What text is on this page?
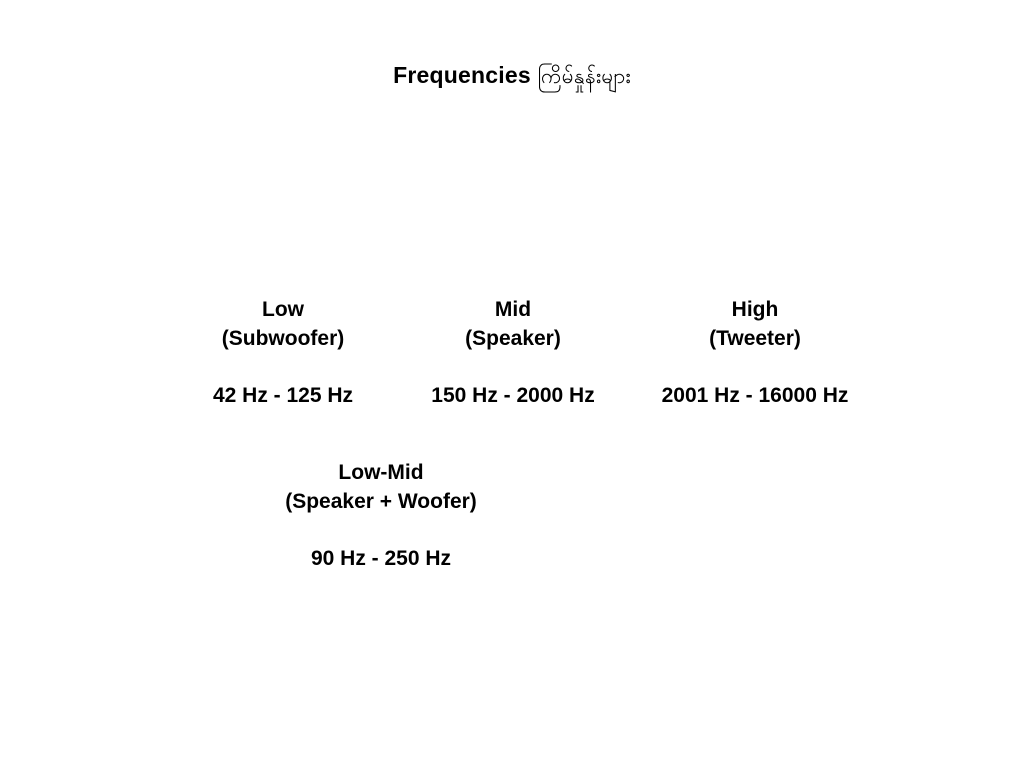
Frequencies ကြိမ်နှုန်းများ
Low
(Subwoofer)
42 Hz - 125 Hz
Mid
(Speaker)
150 Hz - 2000 Hz
High
(Tweeter)
2001 Hz - 16000 Hz
Low-Mid
(Speaker + Woofer)
90 Hz - 250 Hz
